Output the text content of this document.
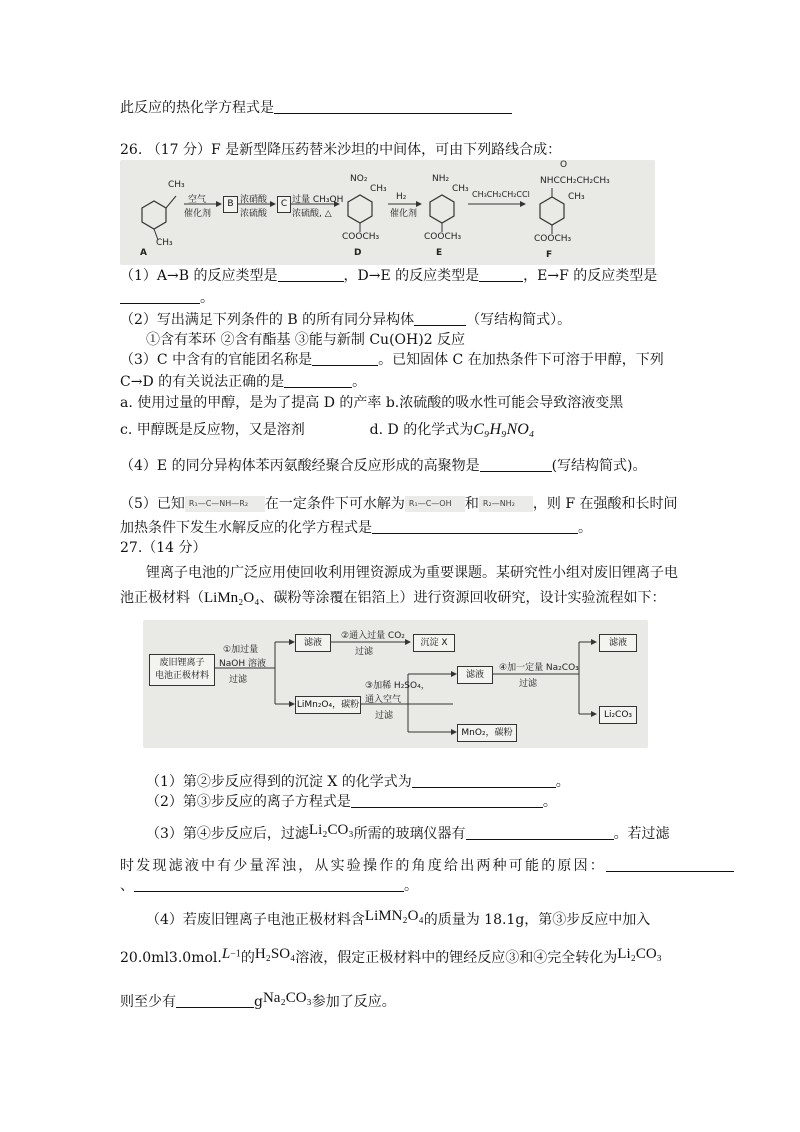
此反应的热化学方程式是
26. （17 分）F 是新型降压药替米沙坦的中间体，可由下列路线合成：
CH₃
CH₃
A
空气
催化剂
B 浓硝酸
浓硫酸
C 过量 CH₃OH
浓硫酸, △
NO₂
CH₃
COOCH₃
D
H₂
催化剂
NH₂
CH₃
COOCH₃
E
CH₃CH₂CH₂CCl
O
NHCCH₂CH₂CH₃
CH₃
COOCH₃
F
（1）A→B 的反应类型是	，D→E 的反应类型是	，E→F 的反应类型是
。
（2）写出满足下列条件的 B 的所有同分异构体	（写结构简式）。
①含有苯环 ②含有酯基 ③能与新制 Cu(OH)2 反应
（3）C 中含有的官能团名称是	。已知固体 C 在加热条件下可溶于甲醇，下列
C→D 的有关说法正确的是	。
a. 使用过量的甲醇，是为了提高 D 的产率 b.浓硫酸的吸水性可能会导致溶液变黑
c. 甲醇既是反应物，又是溶剂	d. D 的化学式为C₉H₉NO₄
（4）E 的同分异构体苯丙氨酸经聚合反应形成的高聚物是	(写结构简式)。
（5）已知 R₁—C—NH—R₂ 在一定条件下可水解为 R₁—C—OH 和 R₂—NH₂ ，则 F 在强酸和长时间
加热条件下发生水解反应的化学方程式是	。
27.（14 分）
锂离子电池的广泛应用使回收利用锂资源成为重要课题。某研究性小组对废旧锂离子电
池正极材料（LiMn₂O₄、碳粉等涂覆在铝箔上）进行资源回收研究，设计实验流程如下：
废旧锂离子
电池正极材料
①加过量
NaOH 溶液
过滤
滤液
②通入过量 CO₂
过滤
沉淀 X
LiMn₂O₄，碳粉
③加稀 H₂SO₄，
通入空气
过滤
滤液
④加一定量 Na₂CO₃
过滤
滤液
Li₂CO₃
MnO₂，碳粉
（1）第②步反应得到的沉淀 X 的化学式为	。
（2）第③步反应的离子方程式是	。
（3）第④步反应后，过滤Li₂CO₃所需的玻璃仪器有	。若过滤
时发现滤液中有少量浑浊，从实验操作的角度给出两种可能的原因：
、	。
（4）若废旧锂离子电池正极材料含LiMN₂O₄的质量为 18.1g，第③步反应中加入
$20.0ml3.0mol.L^{-1}$的H₂SO₄溶液，假定正极材料中的锂经反应③和④完全转化为Li₂CO₃
则至少有	gNa₂CO₃参加了反应。
